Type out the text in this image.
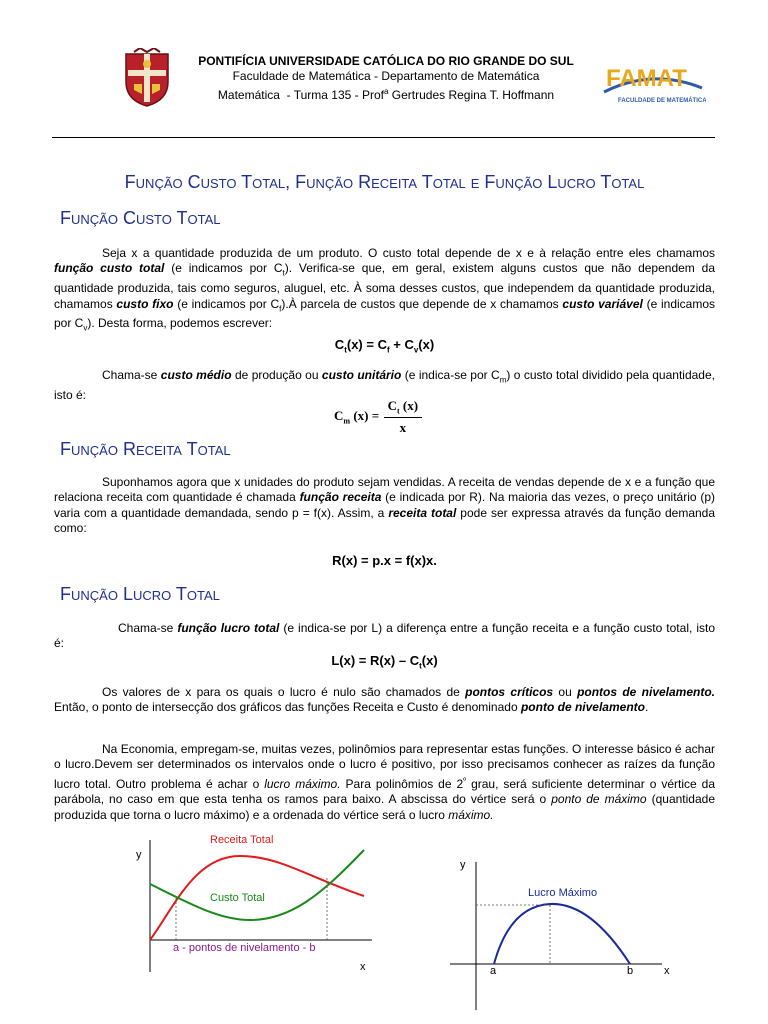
PONTIFÍCIA UNIVERSIDADE CATÓLICA DO RIO GRANDE DO SUL
Faculdade de Matemática - Departamento de Matemática
Matemática  - Turma 135 - Prof$^a$ Gertrudes Regina T. Hoffmann
FAMAT
FACULDADE DE MATEMÁTICA
Função Custo Total, Função Receita Total e Função Lucro Total
Função Custo Total
Seja x a quantidade produzida de um produto. O custo total depende de x e à relação entre eles chamamos função custo total (e indicamos por $C_t$). Verifica-se que, em geral, existem alguns custos que não dependem da quantidade produzida, tais como seguros, aluguel, etc. À soma desses custos, que independem da quantidade produzida, chamamos custo fixo (e indicamos por $C_f).À$ parcela de custos que depende de x chamamos custo variável (e indicamos por $C_v$). Desta forma, podemos escrever:
$C_t(x) = C_f + C_v(x)$
Chama-se custo médio de produção ou custo unitário (e indica-se por $C_m$) o custo total dividido pela quantidade, isto é:
$C_m$ $(x) = \frac{C_t (x)}{x}$
Função Receita Total
Suponhamos agora que x unidades do produto sejam vendidas. A receita de vendas depende de x e a função que relaciona receita com quantidade é chamada função receita (e indicada por R). Na maioria das vezes, o preço unitário (p) varia com a quantidade demandada, sendo p = f(x). Assim, a receita total pode ser expressa através da função demanda como:
R(x) = p.x = f(x)x.
Função Lucro Total
Chama-se função lucro total (e indica-se por L) a diferença entre a função receita e a função custo total, isto é:
$L(x) = R(x) - C_t(x)$
Os valores de x para os quais o lucro é nulo são chamados de pontos críticos ou pontos de nivelamento. Então, o ponto de intersecção dos gráficos das funções Receita e Custo é denominado ponto de nivelamento.
Na Economia, empregam-se, muitas vezes, polinômios para representar estas funções. O interesse básico é achar o lucro.Devem ser determinados os intervalos onde o lucro é positivo, por isso precisamos conhecer as raízes da função lucro total. Outro problema é achar o lucro máximo. Para polinômios de $2^º$ grau, será suficiente determinar o vértice da parábola, no caso em que esta tenha os ramos para baixo. A abscissa do vértice será o ponto de máximo (quantidade produzida que torna o lucro máximo) e a ordenada do vértice será o lucro máximo.
y
x
Receita Total
Custo Total
a - pontos de nivelamento - b
y
x
Lucro Máximo
a	b
